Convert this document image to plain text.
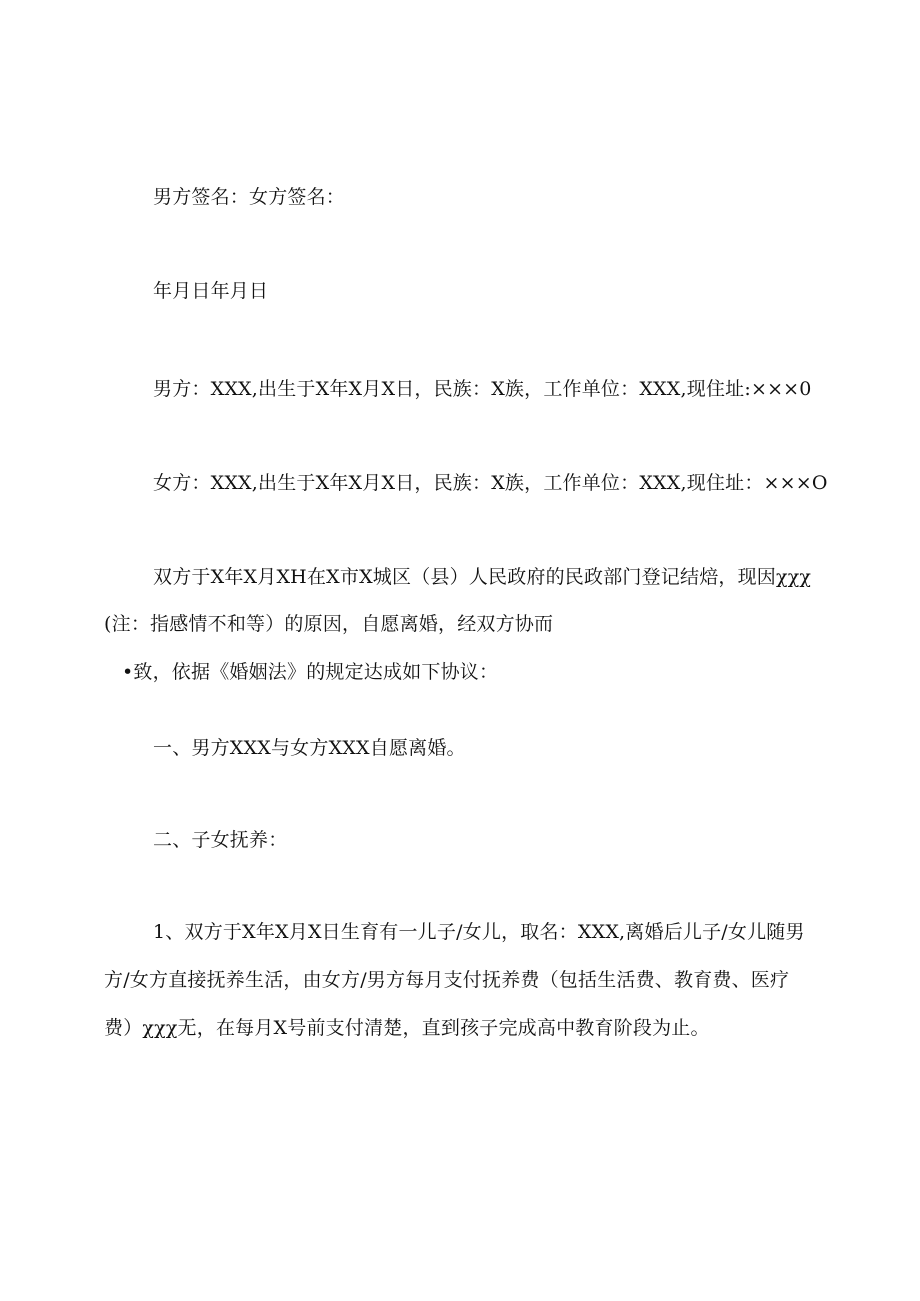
男方签名：女方签名：
年月日年月日
男方：XXX,出生于X年X月X日，民族：X族，工作单位：XXX,现住址:×××0
女方：XXX,出生于X年X月X日，民族：X族，工作单位：XXX,现住址：×××O
双方于X年X月XH在X市X城区（县）人民政府的民政部门登记结焙，现因χχχ
(注：指感情不和等）的原因，自愿离婚，经双方协而
•致，依据《婚姻法》的规定达成如下协议：
一、男方XXX与女方XXX自愿离婚。
二、子女抚养：
1、双方于X年X月X日生育有一儿子/女儿，取名：XXX,离婚后儿子/女儿随男
方/女方直接抚养生活，由女方/男方每月支付抚养费（包括生活费、教育费、医疗
费）χχχ无，在每月X号前支付清楚，直到孩子完成高中教育阶段为止。
